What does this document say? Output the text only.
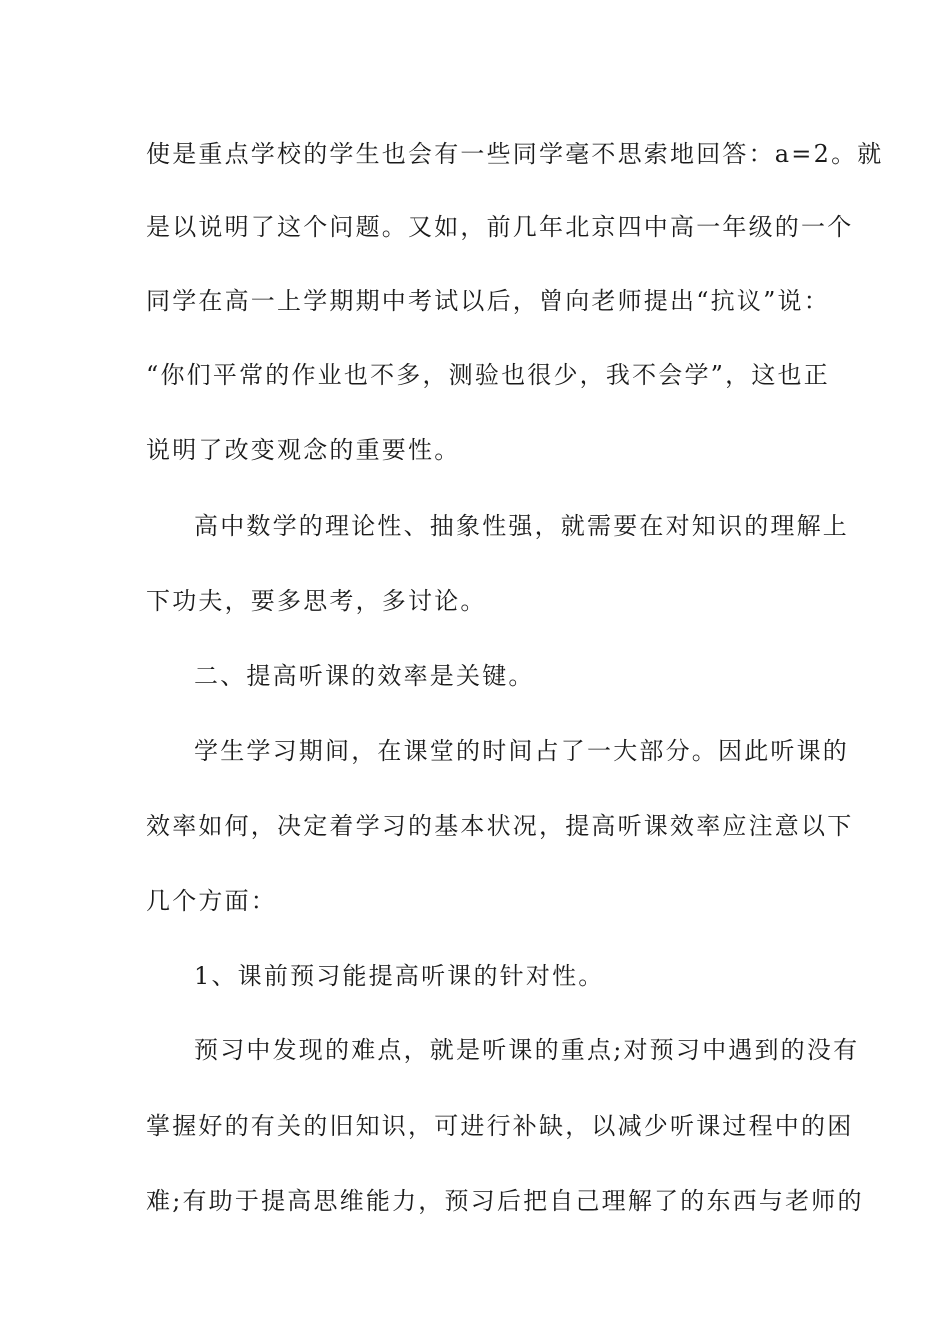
使是重点学校的学生也会有一些同学毫不思索地回答：a=2。就
是以说明了这个问题。又如，前几年北京四中高一年级的一个
同学在高一上学期期中考试以后，曾向老师提出“抗议”说：
“你们平常的作业也不多，测验也很少，我不会学”，这也正
说明了改变观念的重要性。
高中数学的理论性、抽象性强，就需要在对知识的理解上
下功夫，要多思考，多讨论。
二、提高听课的效率是关键。
学生学习期间，在课堂的时间占了一大部分。因此听课的
效率如何，决定着学习的基本状况，提高听课效率应注意以下
几个方面：
1、课前预习能提高听课的针对性。
预习中发现的难点，就是听课的重点;对预习中遇到的没有
掌握好的有关的旧知识，可进行补缺，以减少听课过程中的困
难;有助于提高思维能力，预习后把自己理解了的东西与老师的
